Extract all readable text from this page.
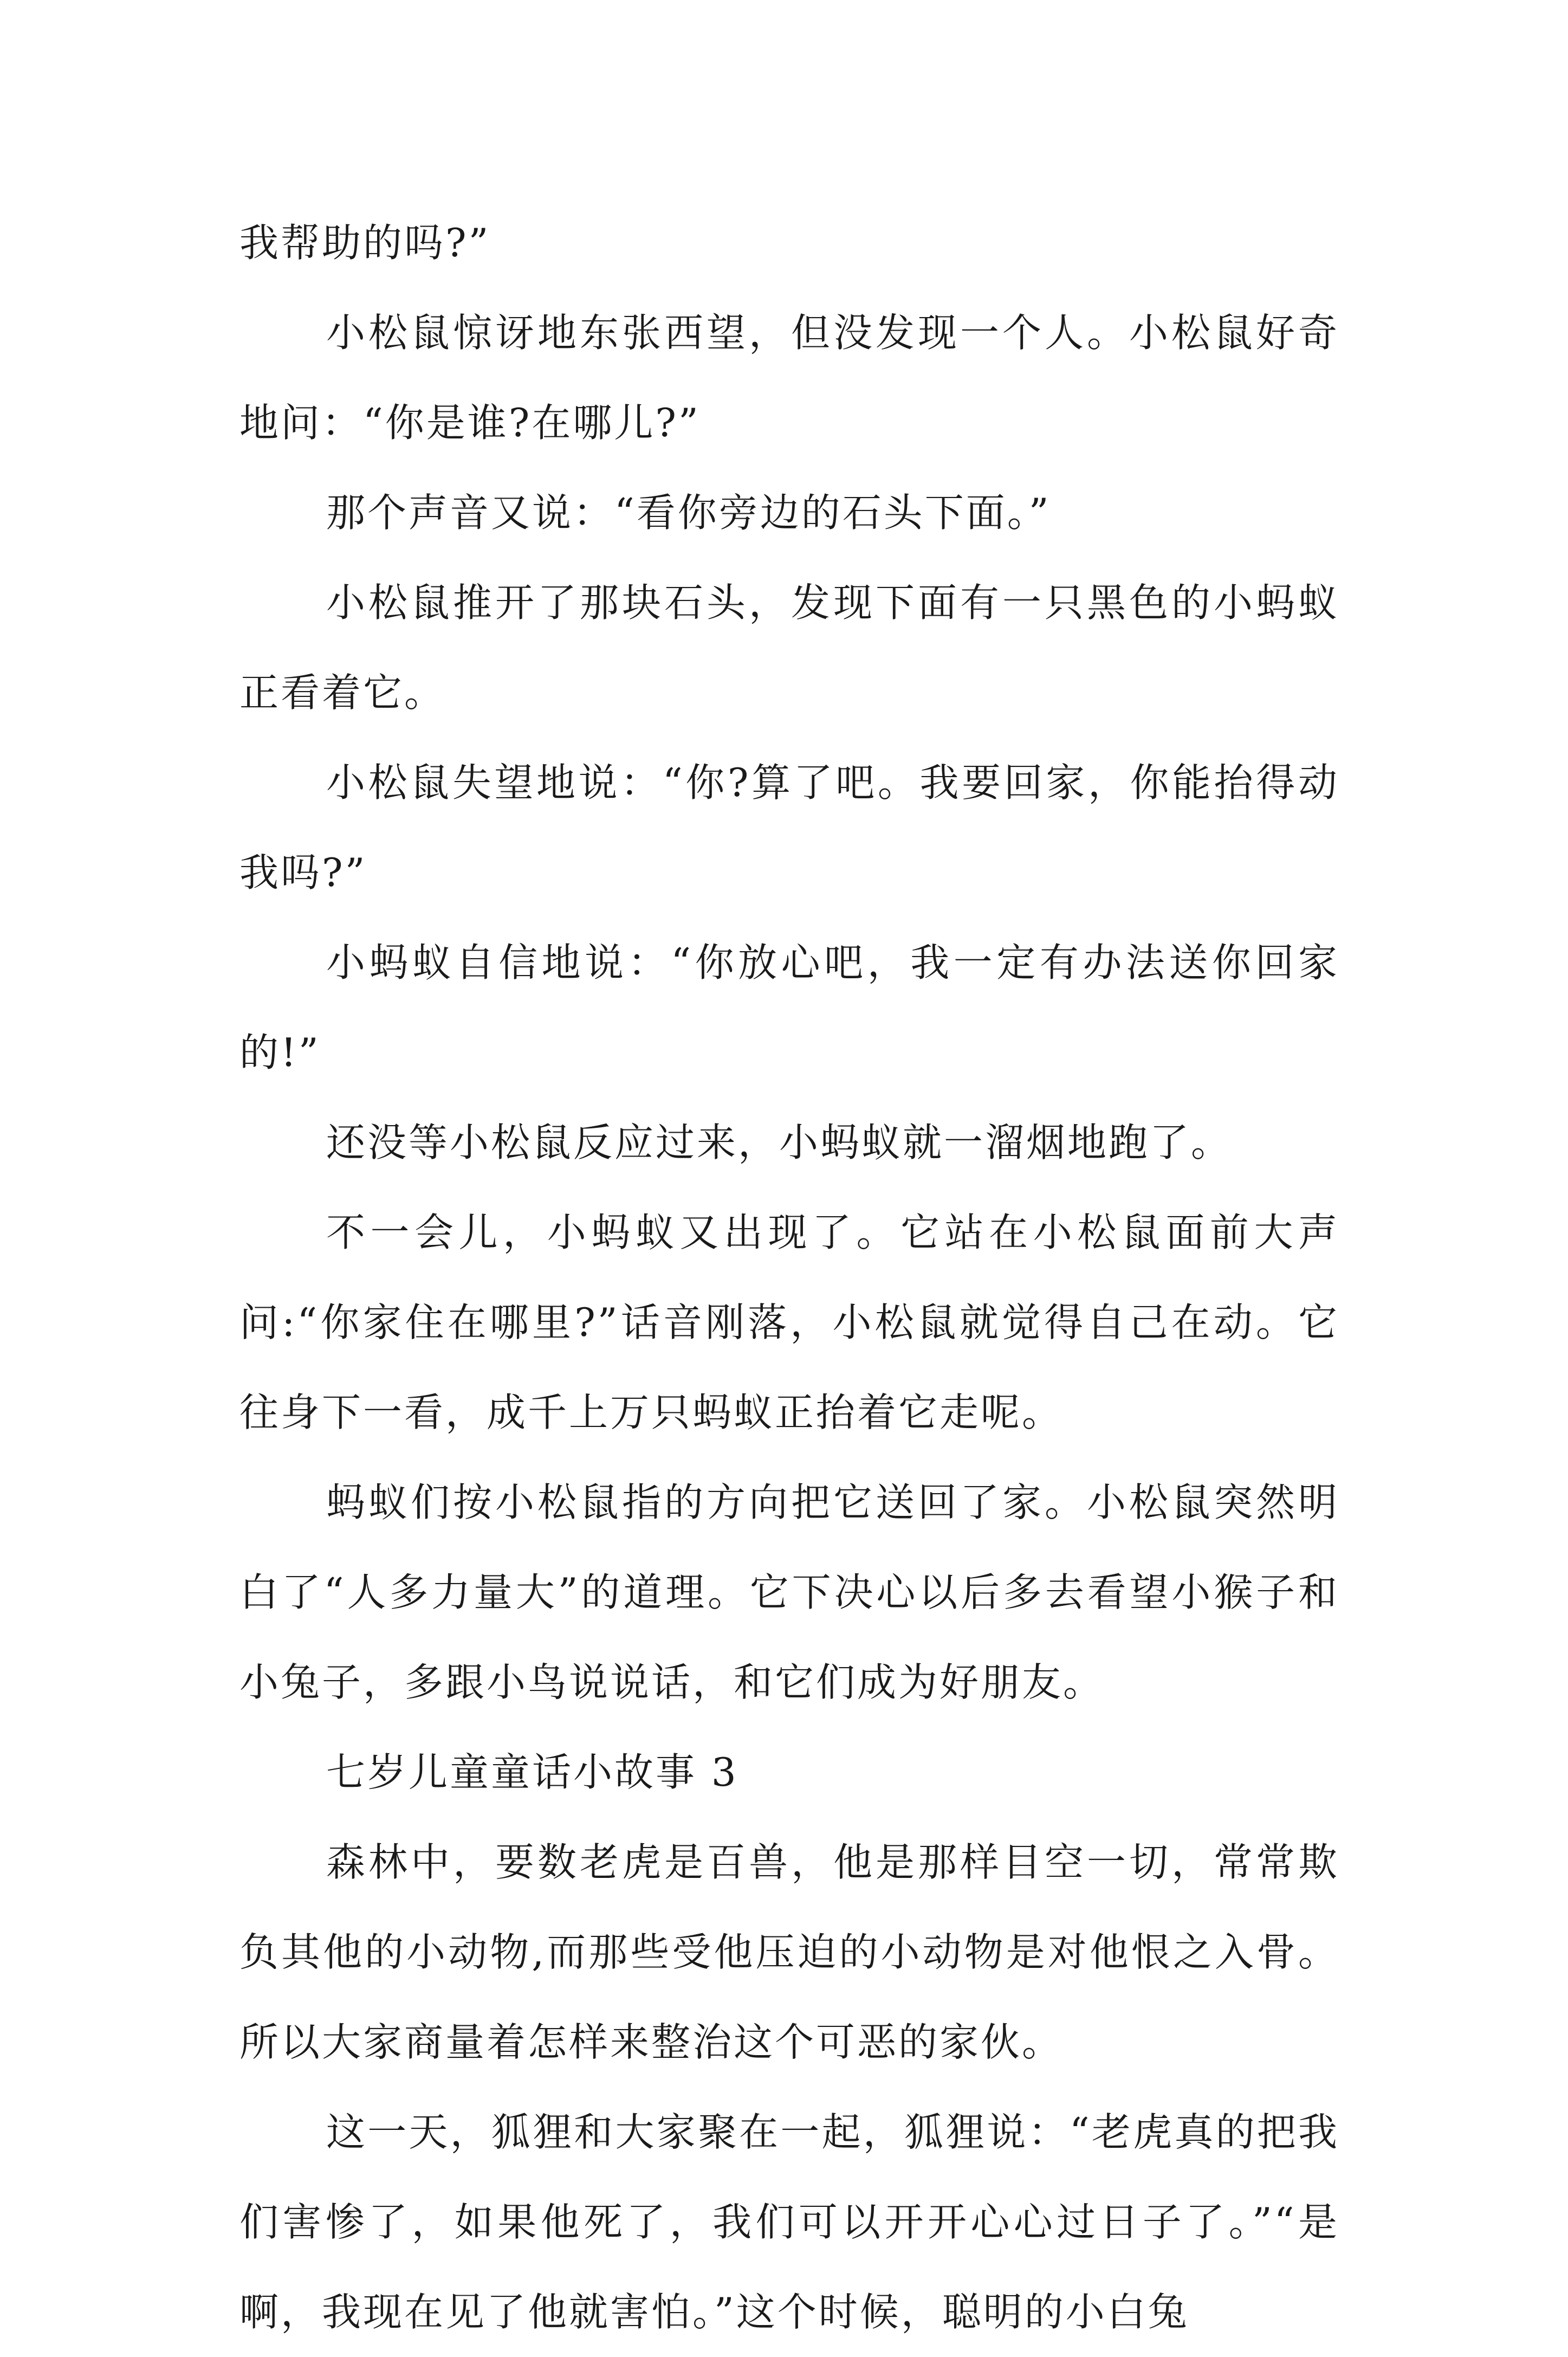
我帮助的吗?”

小松鼠惊讶地东张西望，但没发现一个人。小松鼠好奇地问：“你是谁?在哪儿?”

那个声音又说：“看你旁边的石头下面。”

小松鼠推开了那块石头，发现下面有一只黑色的小蚂蚁正看着它。

小松鼠失望地说：“你?算了吧。我要回家，你能抬得动我吗?”

小蚂蚁自信地说：“你放心吧，我一定有办法送你回家的!”

还没等小松鼠反应过来，小蚂蚁就一溜烟地跑了。

不一会儿，小蚂蚁又出现了。它站在小松鼠面前大声问:“你家住在哪里?”话音刚落，小松鼠就觉得自己在动。它往身下一看，成千上万只蚂蚁正抬着它走呢。

蚂蚁们按小松鼠指的方向把它送回了家。小松鼠突然明白了“人多力量大”的道理。它下决心以后多去看望小猴子和小兔子，多跟小鸟说说话，和它们成为好朋友。

七岁儿童童话小故事 3

森林中，要数老虎是百兽，他是那样目空一切，常常欺负其他的小动物,而那些受他压迫的小动物是对他恨之入骨。所以大家商量着怎样来整治这个可恶的家伙。

这一天，狐狸和大家聚在一起，狐狸说：“老虎真的把我们害惨了，如果他死了，我们可以开开心心过日子了。”“是啊，我现在见了他就害怕。”这个时候，聪明的小白兔
